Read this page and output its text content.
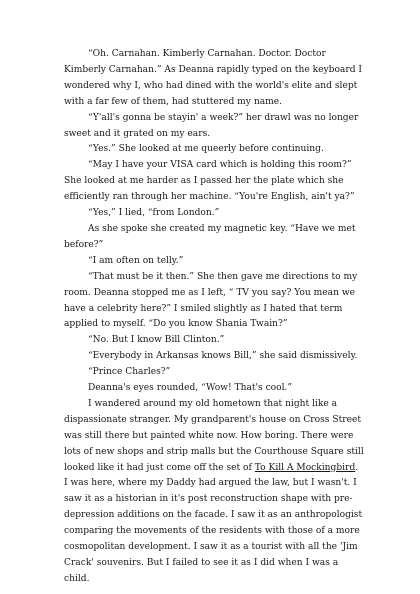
“Oh. Carnahan. Kimberly Carnahan. Doctor. Doctor Kimberly Carnahan.” As Deanna rapidly typed on the keyboard I wondered why I, who had dined with the world's elite and slept with a far few of them, had stuttered my name.

“Y'all's gonna be stayin' a week?” her drawl was no longer sweet and it grated on my ears.

“Yes.” She looked at me queerly before continuing.

“May I have your VISA card which is holding this room?” She looked at me harder as I passed her the plate which she efficiently ran through her machine. “You're English, ain't ya?”

“Yes,” I lied, “from London.”

As she spoke she created my magnetic key. “Have we met before?”

“I am often on telly.”

“That must be it then.” She then gave me directions to my room. Deanna stopped me as I left, “ TV you say? You mean we have a celebrity here?” I smiled slightly as I hated that term applied to myself. “Do you know Shania Twain?”

“No. But I know Bill Clinton.”

“Everybody in Arkansas knows Bill,” she said dismissively.

“Prince Charles?”

Deanna's eyes rounded, “Wow! That's cool.”

I wandered around my old hometown that night like a dispassionate stranger. My grandparent's house on Cross Street was still there but painted white now. How boring. There were lots of new shops and strip malls but the Courthouse Square still looked like it had just come off the set of To Kill A Mockingbird. I was here, where my Daddy had argued the law, but I wasn't. I saw it as a historian in it's post reconstruction shape with pre-depression additions on the facade. I saw it as an anthropologist comparing the movements of the residents with those of a more cosmopolitan development. I saw it as a tourist with all the 'Jim Crack' souvenirs. But I failed to see it as I did when I was a child.
